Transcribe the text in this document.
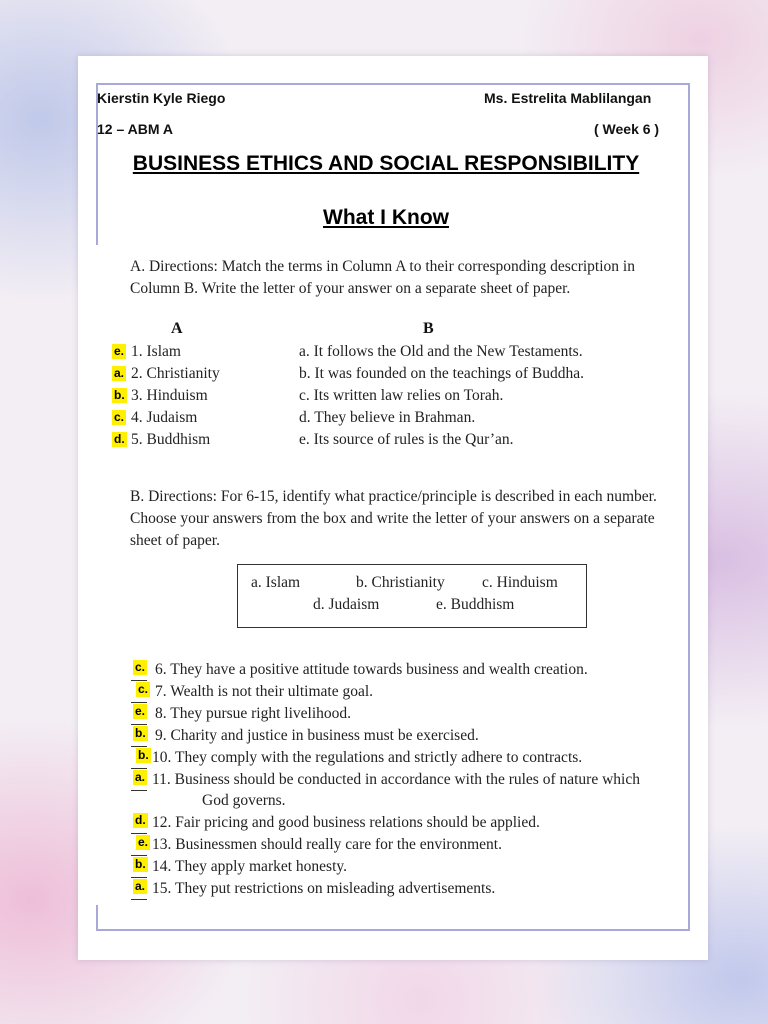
Kierstin Kyle Riego	Ms. Estrelita Mablilangan
12 – ABM A	( Week 6 )
BUSINESS ETHICS AND SOCIAL RESPONSIBILITY
What I Know
A. Directions: Match the terms in Column A to their corresponding description in
Column B. Write the letter of your answer on a separate sheet of paper.
A	B
e. 1. Islam	a. It follows the Old and the New Testaments.
a. 2. Christianity	b. It was founded on the teachings of Buddha.
b. 3. Hinduism	c. Its written law relies on Torah.
c. 4. Judaism	d. They believe in Brahman.
d. 5. Buddhism	e. Its source of rules is the Qur’an.
B. Directions: For 6-15, identify what practice/principle is described in each number.
Choose your answers from the box and write the letter of your answers on a separate
sheet of paper.
a. Islam	b. Christianity c. Hinduism
d. Judaism	e. Buddhism
c. 6. They have a positive attitude towards business and wealth creation.
c. 7. Wealth is not their ultimate goal.
e. 8. They pursue right livelihood.
b. 9. Charity and justice in business must be exercised.
b. 10. They comply with the regulations and strictly adhere to contracts.
a. 11. Business should be conducted in accordance with the rules of nature which
God governs.
d. 12. Fair pricing and good business relations should be applied.
e. 13. Businessmen should really care for the environment.
b. 14. They apply market honesty.
a. 15. They put restrictions on misleading advertisements.
